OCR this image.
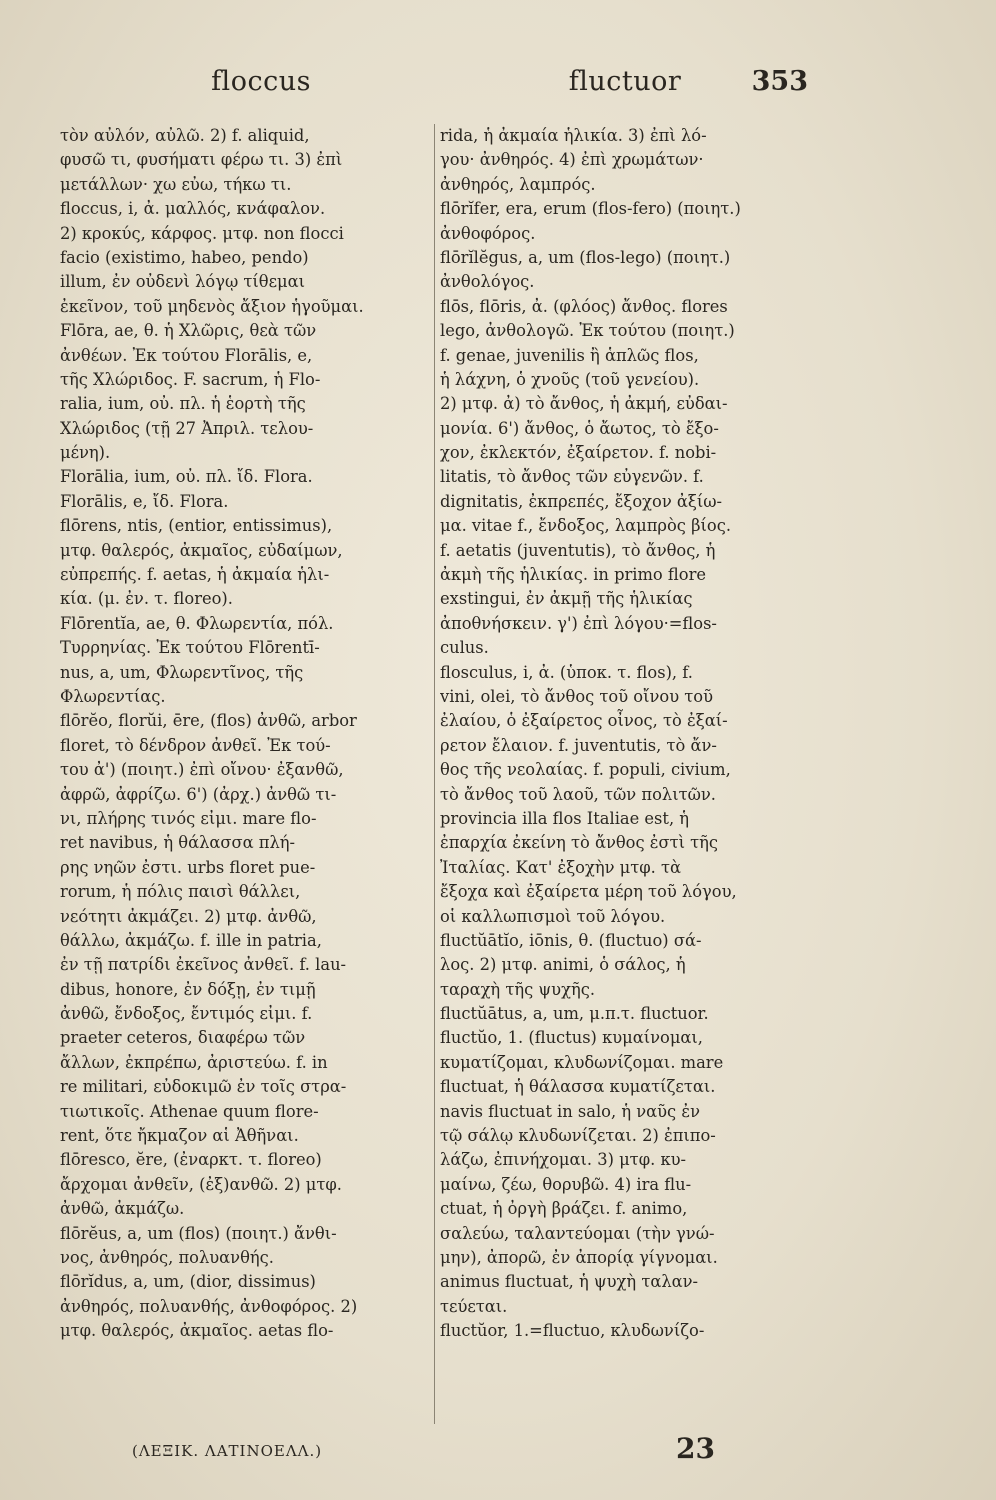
floccus	fluctuor	353
τὸν αὐλόν, αὐλῶ. 2) f. aliquid,
φυσῶ τι, φυσήματι φέρω τι. 3) ἐπὶ
μετάλλων· χω εὐω, τήκω τι.
floccus, i, ἀ. μαλλός, κνάφαλον.
2) κροκύς, κάρφος. μτφ. non flocci
facio (existimo, habeo, pendo)
illum, ἐν οὐδενὶ λόγῳ τίθεμαι
ἐκεῖνον, τοῦ μηδενὸς ἄξιον ἡγοῦμαι.
Flōra, ae, θ. ἡ Χλῶρις, θεὰ τῶν
ἀνθέων. Ἐκ τούτου Florālis, e,
τῆς Χλώριδος. F. sacrum, ἡ Flo-
ralia, ium, οὐ. πλ. ἡ ἑορτὴ τῆς
Χλώριδος (τῇ 27 Ἀπριλ. τελου-
μένη).
Florālia, ium, οὐ. πλ. ἴδ. Flora.
Florālis, e, ἴδ. Flora.
flōrens, ntis, (entior, entissimus),
μτφ. θαλερός, ἀκμαῖος, εὐδαίμων,
εὐπρεπής. f. aetas, ἡ ἀκμαία ἡλι-
κία. (μ. ἐν. τ. floreo).
Flōrentĭa, ae, θ. Φλωρεντία, πόλ.
Τυρρηνίας. Ἐκ τούτου Flōrentī-
nus, a, um, Φλωρεντῖνος, τῆς
Φλωρεντίας.
flōrĕo, florŭi, ēre, (flos) ἀνθῶ, arbor
floret, τὸ δένδρον ἀνθεῖ. Ἐκ τού-
του ἀ') (ποιητ.) ἐπὶ οἴνου· ἐξανθῶ,
ἀφρῶ, ἀφρίζω. 6') (ἀρχ.) ἀνθῶ τι-
νι, πλήρης τινός εἰμι. mare flo-
ret navibus, ἡ θάλασσα πλή-
ρης νηῶν ἐστι. urbs floret pue-
rorum, ἡ πόλις παισὶ θάλλει,
νεότητι ἀκμάζει. 2) μτφ. ἀνθῶ,
θάλλω, ἀκμάζω. f. ille in patria,
ἐν τῇ πατρίδι ἐκεῖνος ἀνθεῖ. f. lau-
dibus, honore, ἐν δόξῃ, ἐν τιμῇ
ἀνθῶ, ἔνδοξος, ἔντιμός εἰμι. f.
praeter ceteros, διαφέρω τῶν
ἄλλων, ἐκπρέπω, ἀριστεύω. f. in
re militari, εὐδοκιμῶ ἐν τοῖς στρα-
τιωτικοῖς. Athenae quum flore-
rent, ὅτε ἤκμαζον αἱ Ἀθῆναι.
flōresco, ĕre, (ἐναρκτ. τ. floreo)
ἄρχομαι ἀνθεῖν, (ἐξ)ανθῶ. 2) μτφ.
ἀνθῶ, ἀκμάζω.
flōrĕus, a, um (flos) (ποιητ.) ἄνθι-
νος, ἀνθηρός, πολυανθής.
flōrĭdus, a, um, (dior, dissimus)
ἀνθηρός, πολυανθής, ἀνθοφόρος. 2)
μτφ. θαλερός, ἀκμαῖος. aetas flo-
rida, ἡ ἀκμαία ἡλικία. 3) ἐπὶ λό-
γου· ἀνθηρός. 4) ἐπὶ χρωμάτων·
ἀνθηρός, λαμπρός.
flōrĭfer, era, erum (flos-fero) (ποιητ.)
ἀνθοφόρος.
flōrĭlĕgus, a, um (flos-lego) (ποιητ.)
ἀνθολόγος.
flōs, flōris, ἀ. (φλόος) ἄνθος. flores
lego, ἀνθολογῶ. Ἐκ τούτου (ποιητ.)
f. genae, juvenilis ἢ ἁπλῶς flos,
ἡ λάχνη, ὁ χνοῦς (τοῦ γενείου).
2) μτφ. ἀ) τὸ ἄνθος, ἡ ἀκμή, εὐδαι-
μονία. 6') ἄνθος, ὁ ἄωτος, τὸ ἔξο-
χον, ἐκλεκτόν, ἐξαίρετον. f. nobi-
litatis, τὸ ἄνθος τῶν εὐγενῶν. f.
dignitatis, ἐκπρεπές, ἔξοχον ἀξίω-
μα. vitae f., ἔνδοξος, λαμπρὸς βίος.
f. aetatis (juventutis), τὸ ἄνθος, ἡ
ἀκμὴ τῆς ἡλικίας. in primo flore
exstingui, ἐν ἀκμῇ τῆς ἡλικίας
ἀποθνήσκειν. γ') ἐπὶ λόγου·=flos-
culus.
flosculus, i, ἀ. (ὑποκ. τ. flos), f.
vini, olei, τὸ ἄνθος τοῦ οἴνου τοῦ
ἐλαίου, ὁ ἐξαίρετος οἶνος, τὸ ἐξαί-
ρετον ἔλαιον. f. juventutis, τὸ ἄν-
θος τῆς νεολαίας. f. populi, civium,
τὸ ἄνθος τοῦ λαοῦ, τῶν πολιτῶν.
provincia illa flos Italiae est, ἡ
ἐπαρχία ἐκείνη τὸ ἄνθος ἐστὶ τῆς
Ἰταλίας. Κατ' ἐξοχὴν μτφ. τὰ
ἔξοχα καὶ ἐξαίρετα μέρη τοῦ λόγου,
οἱ καλλωπισμοὶ τοῦ λόγου.
fluctŭātĭo, iōnis, θ. (fluctuo) σά-
λος. 2) μτφ. animi, ὁ σάλος, ἡ
ταραχὴ τῆς ψυχῆς.
fluctŭātus, a, um, μ.π.τ. fluctuor.
fluctŭo, 1. (fluctus) κυμαίνομαι,
κυματίζομαι, κλυδωνίζομαι. mare
fluctuat, ἡ θάλασσα κυματίζεται.
navis fluctuat in salo, ἡ ναῦς ἐν
τῷ σάλῳ κλυδωνίζεται. 2) ἐπιπο-
λάζω, ἐπινήχομαι. 3) μτφ. κυ-
μαίνω, ζέω, θορυβῶ. 4) ira flu-
ctuat, ἡ ὀργὴ βράζει. f. animo,
σαλεύω, ταλαντεύομαι (τὴν γνώ-
μην), ἀπορῶ, ἐν ἀπορίᾳ γίγνομαι.
animus fluctuat, ἡ ψυχὴ ταλαν-
τεύεται.
fluctŭor, 1.=fluctuo, κλυδωνίζο-
(ΛΕΞΙΚ. ΛΑΤΙΝΟΕΛΛ.)	23
